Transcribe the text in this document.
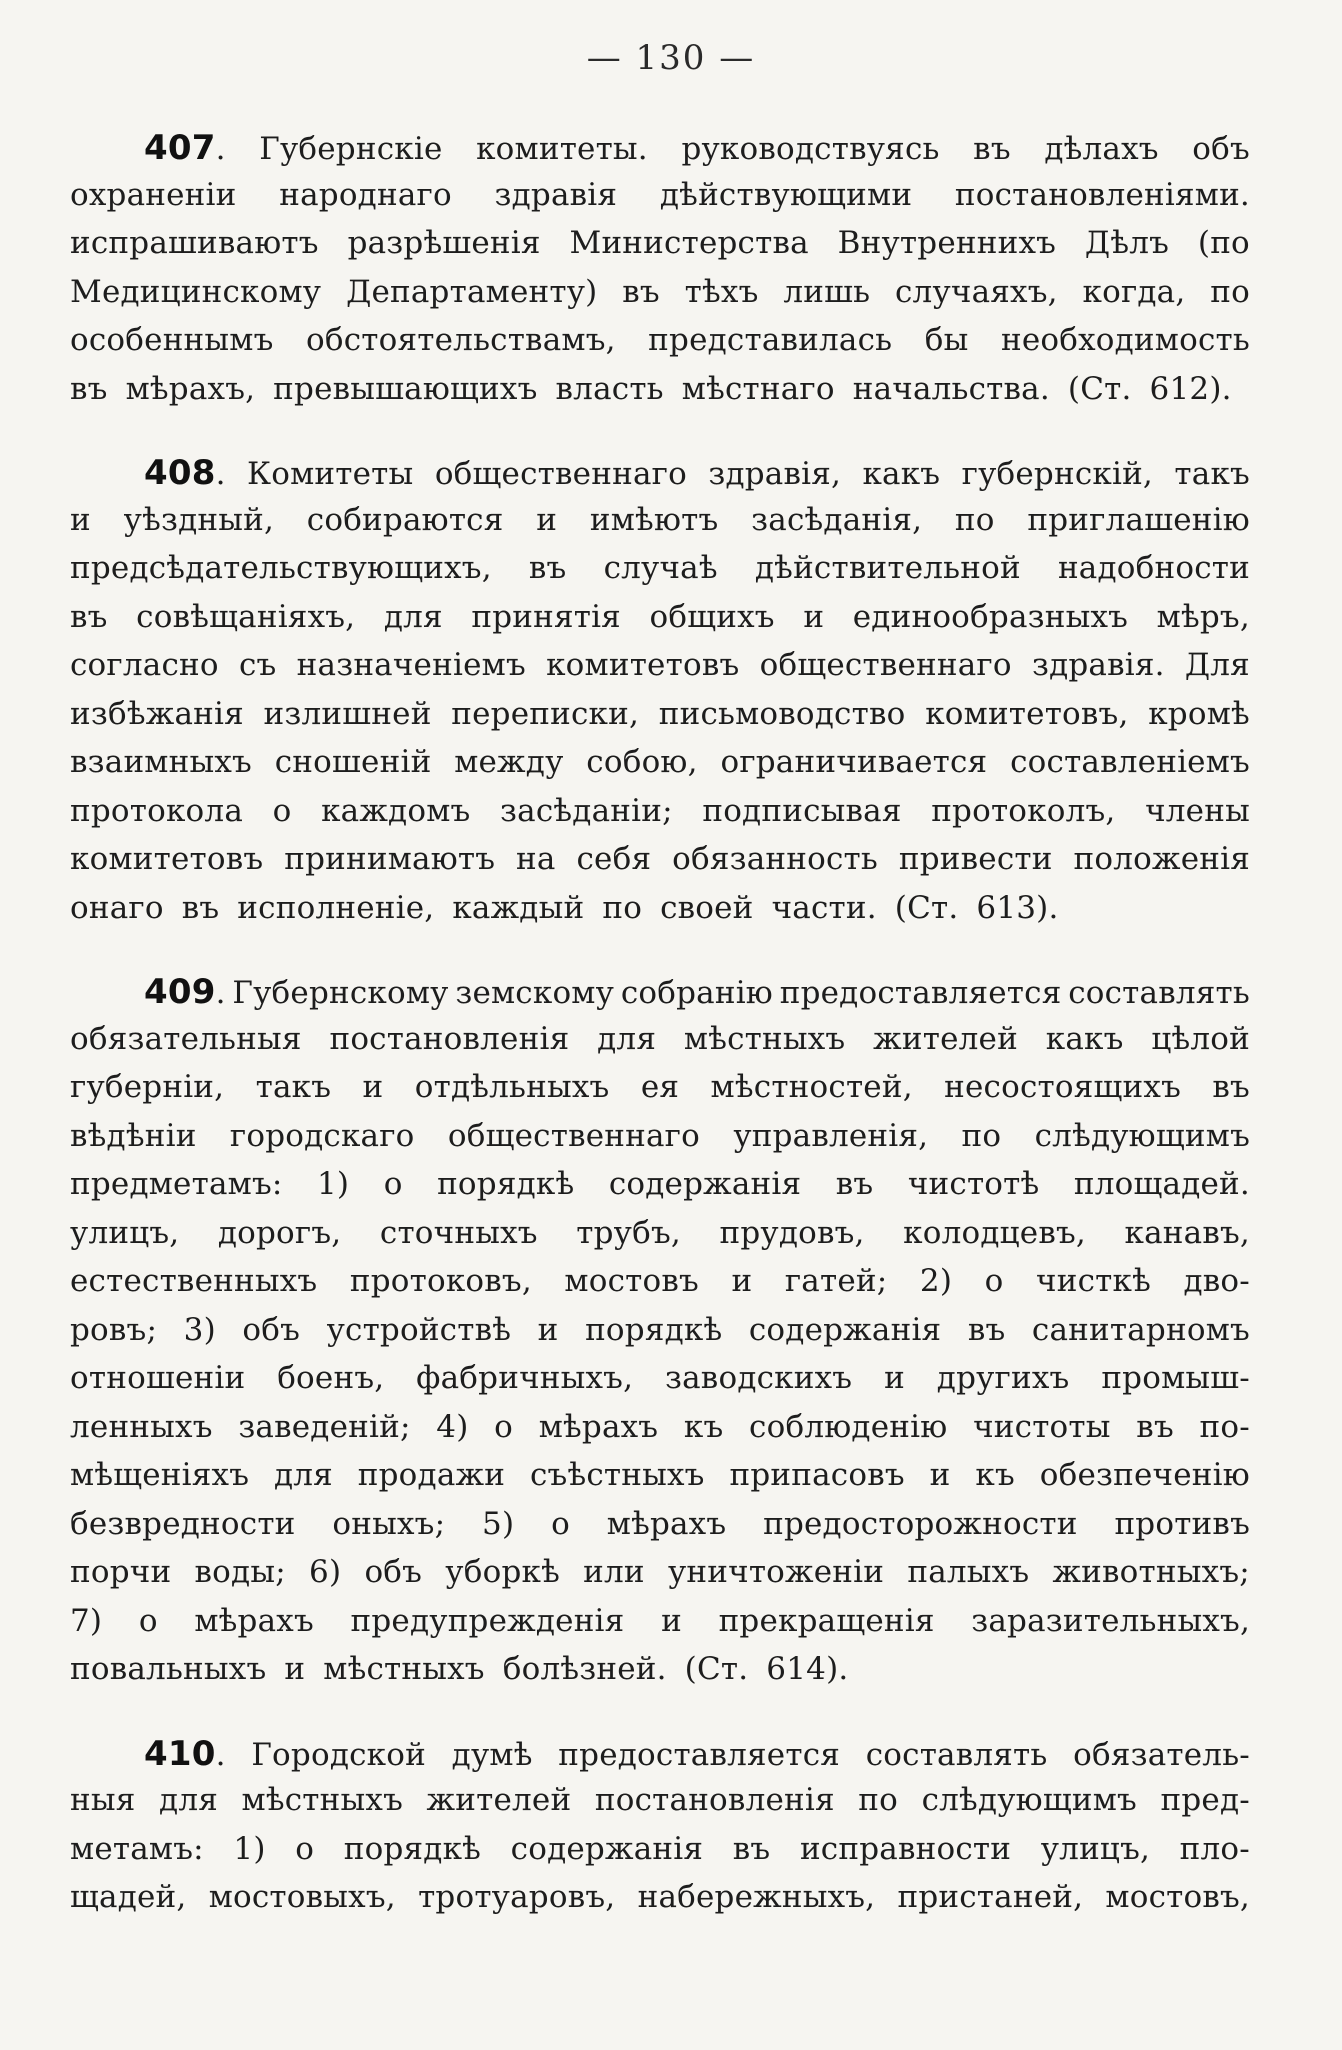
— 130 —
407. Губернскіе комитеты. руководствуясь въ дѣлахъ объ
охраненіи народнаго здравія дѣйствующими постановленіями.
испрашиваютъ разрѣшенія Министерства Внутреннихъ Дѣлъ (по
Медицинскому Департаменту) въ тѣхъ лишь случаяхъ, когда, по
особеннымъ обстоятельствамъ, представилась бы необходимость
въ мѣрахъ, превышающихъ власть мѣстнаго начальства. (Ст. 612).
408. Комитеты общественнаго здравія, какъ губернскій, такъ
и уѣздный, собираются и имѣютъ засѣданія, по приглашенію
предсѣдательствующихъ, въ случаѣ дѣйствительной надобности
въ совѣщаніяхъ, для принятія общихъ и единообразныхъ мѣръ,
согласно съ назначеніемъ комитетовъ общественнаго здравія. Для
избѣжанія излишней переписки, письмоводство комитетовъ, кромѣ
взаимныхъ сношеній между собою, ограничивается составленіемъ
протокола о каждомъ засѣданіи; подписывая протоколъ, члены
комитетовъ принимаютъ на себя обязанность привести положенія
онаго въ исполненіе, каждый по своей части. (Ст. 613).
409. Губернскому земскому собранію предоставляется составлять
обязательныя постановленія для мѣстныхъ жителей какъ цѣлой
губерніи, такъ и отдѣльныхъ ея мѣстностей, несостоящихъ въ
вѣдѣніи городскаго общественнаго управленія, по слѣдующимъ
предметамъ: 1) о порядкѣ содержанія въ чистотѣ площадей.
улицъ, дорогъ, сточныхъ трубъ, прудовъ, колодцевъ, канавъ,
естественныхъ протоковъ, мостовъ и гатей; 2) о чисткѣ дво-
ровъ; 3) объ устройствѣ и порядкѣ содержанія въ санитарномъ
отношеніи боенъ, фабричныхъ, заводскихъ и другихъ промыш-
ленныхъ заведеній; 4) о мѣрахъ къ соблюденію чистоты въ по-
мѣщеніяхъ для продажи съѣстныхъ припасовъ и къ обезпеченію
безвредности оныхъ; 5) о мѣрахъ предосторожности противъ
порчи воды; 6) объ уборкѣ или уничтоженіи палыхъ животныхъ;
7) о мѣрахъ предупрежденія и прекращенія заразительныхъ,
повальныхъ и мѣстныхъ болѣзней. (Ст. 614).
410. Городской думѣ предоставляется составлять обязатель-
ныя для мѣстныхъ жителей постановленія по слѣдующимъ пред-
метамъ: 1) о порядкѣ содержанія въ исправности улицъ, пло-
щадей, мостовыхъ, тротуаровъ, набережныхъ, пристаней, мостовъ,
